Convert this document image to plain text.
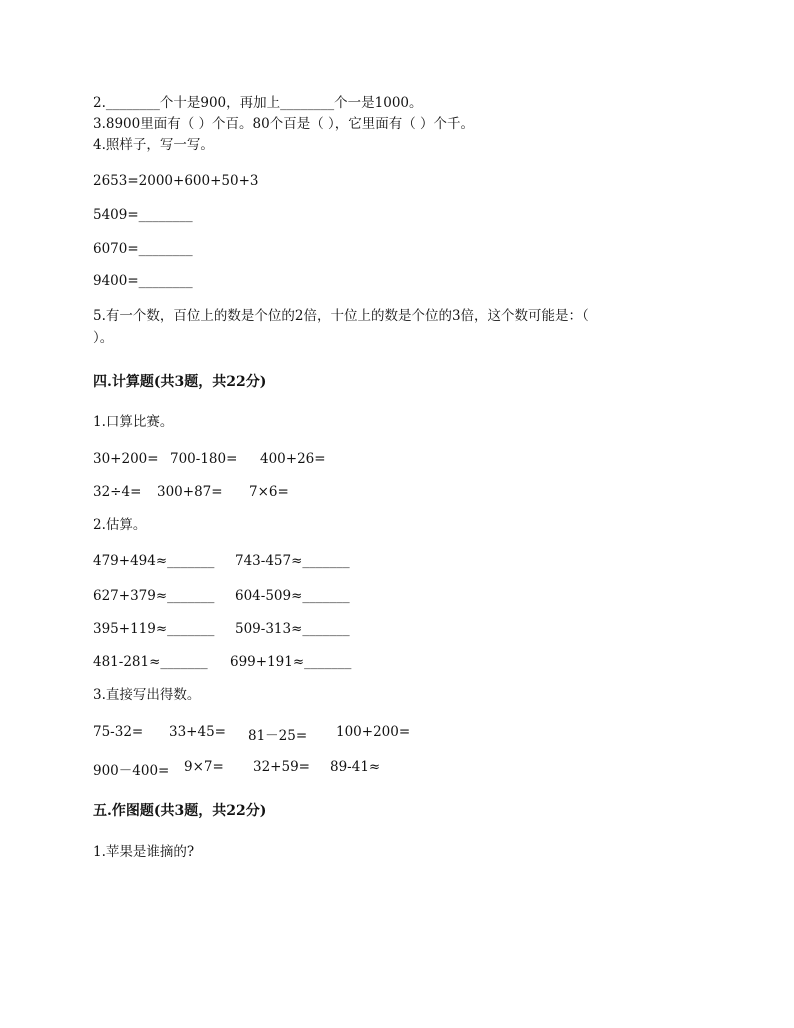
2.________个十是900，再加上________个一是1000。
3.8900里面有（ ）个百。80个百是（ ），它里面有（ ）个千。
4.照样子，写一写。
2653=2000+600+50+3
5409=________
6070=________
9400=________
5.有一个数，百位上的数是个位的2倍，十位上的数是个位的3倍，这个数可能是：（
）。
四.计算题(共3题，共22分)
1.口算比赛。
30+200= 700-180= 400+26=
32÷4= 300+87= 7×6=
2.估算。
479+494≈_______ 743-457≈_______
627+379≈_______ 604-509≈_______
395+119≈_______ 509-313≈_______
481-281≈_______ 699+191≈_______
3.直接写出得数。
75-32= 33+45= 81－25= 100+200=
900－400= 9×7= 32+59= 89-41≈
五.作图题(共3题，共22分)
1.苹果是谁摘的?
